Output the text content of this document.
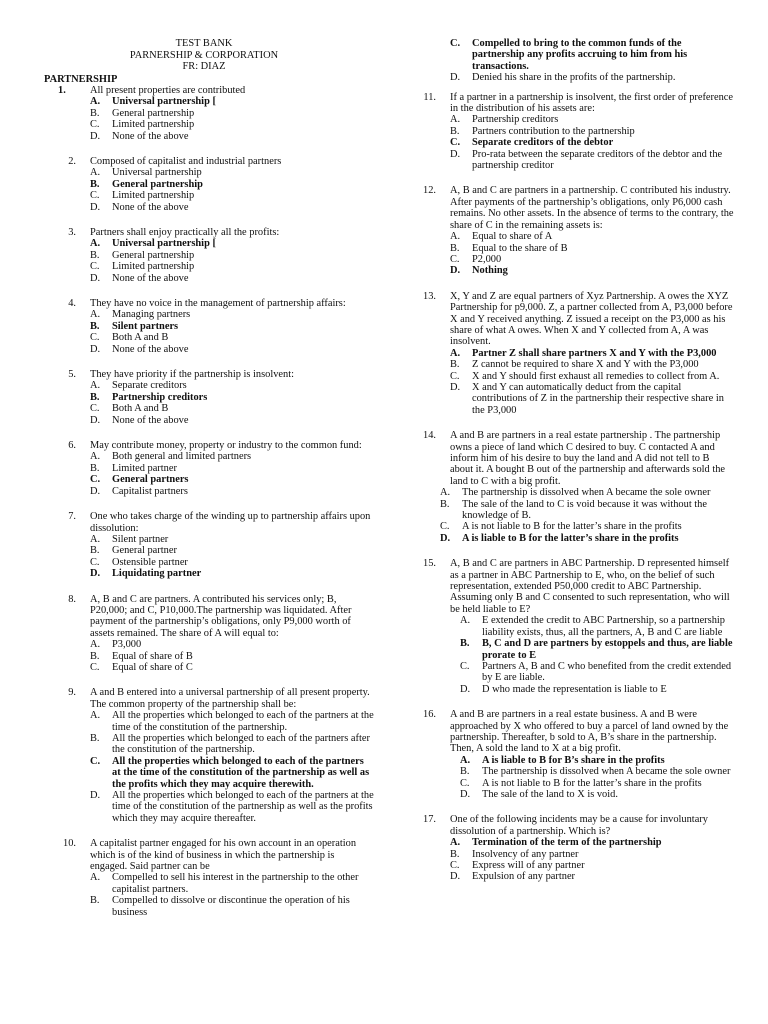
TEST BANK
PARNERSHIP & CORPORATION
FR: DIAZ
PARTNERSHIP
1.	All present properties are contributed
A. Universal partnership [
B. General partnership
C. Limited partnership
D. None of the above
2. Composed of capitalist and industrial partners
A. Universal partnership
B. General partnership
C. Limited partnership
D. None of the above
3. Partners shall enjoy practically all the profits:
A. Universal partnership [
B. General partnership
C. Limited partnership
D. None of the above
4. They have no voice in the management of partnership affairs:
A. Managing partners
B. Silent partners
C. Both A and B
D. None of the above
5. They have priority if the partnership is insolvent:
A. Separate creditors
B. Partnership creditors
C. Both A and B
D. None of the above
6. May contribute money, property or industry to the common fund:
A. Both general and limited partners
B. Limited partner
C. General partners
D. Capitalist partners
7. One who takes charge of the winding up to partnership affairs upon dissolution:
A. Silent partner
B. General partner
C. Ostensible partner
D. Liquidating partner
8. A, B and C are partners. A contributed his services only; B, P20,000; and C, P10,000.The partnership was liquidated. After payment of the partnership’s obligations, only P9,000 worth of assets remained. The share of A will equal to:
A. P3,000
B. Equal of share of B
C. Equal of share of C
9. A and B entered into a universal partnership of all present property. The common property of the partnership shall be:
A. All the properties which belonged to each of the partners at the time of the constitution of the partnership.
B. All the properties which belonged to each of the partners after the constitution of the partnership.
C. All the properties which belonged to each of the partners at the time of the constitution of the partnership as well as the profits which they may acquire therewith.
D. All the properties which belonged to each of the partners at the time of the constitution of the partnership as well as the profits which they may acquire thereafter.
10. A capitalist partner engaged for his own account in an operation which is of the kind of business in which the partnership is engaged. Said partner can be
A. Compelled to sell his interest in the partnership to the other capitalist partners.
B. Compelled to dissolve or discontinue the operation of his business
C. Compelled to bring to the common funds of the partnership any profits accruing to him from his transactions.
D. Denied his share in the profits of the partnership.
11. If a partner in a partnership is insolvent, the first order of preference in the distribution of his assets are:
A. Partnership creditors
B. Partners contribution to the partnership
C. Separate creditors of the debtor
D. Pro-rata between the separate creditors of the debtor and the partnership creditor
12. A, B and C are partners in a partnership. C contributed his industry. After payments of the partnership’s obligations, only P6,000 cash remains. No other assets. In the absence of terms to the contrary, the share of C in the remaining assets is:
A. Equal to share of A
B. Equal to the share of B
C. P2,000
D. Nothing
13. X, Y and Z are equal partners of Xyz Partnership. A owes the XYZ Partnership for p9,000. Z, a partner collected from A, P3,000 before X and Y received anything. Z issued a receipt on the P3,000 as his share of what A owes. When X and Y collected from A, A was insolvent.
A. Partner Z shall share partners X and Y with the P3,000
B. Z cannot be required to share X and Y with the P3,000
C. X and Y should first exhaust all remedies to collect from A.
D. X and Y can automatically deduct from the capital contributions of Z in the partnership their respective share in the P3,000
14. A and B are partners in a real estate partnership . The partnership owns a piece of land which C desired to buy. C contacted A and inform him of his desire to buy the land and A did not tell to B about it. A bought B out of the partnership and afterwards sold the land to C with a big profit.
A. The partnership is dissolved when A became the sole owner
B. The sale of the land to C is void because it was without the knowledge of B.
C. A is not liable to B for the latter’s share in the profits
D. A is liable to B for the latter’s share in the profits
15. A, B and C are partners in ABC Partnership. D represented himself as a partner in ABC Partnership to E, who, on the belief of such representation, extended P50,000 credit to ABC Partnership. Assuming only B and C consented to such representation, who will be held liable to E?
A. E extended the credit to ABC Partnership, so a partnership liability exists, thus, all the partners, A, B and C are liable
B. B, C and D are partners by estoppels and thus, are liable prorate to E
C. Partners A, B and C who benefited from the credit extended by E are liable.
D. D who made the representation is liable to E
16. A and B are partners in a real estate business. A and B were approached by X who offered to buy a parcel of land owned by the partnership. Thereafter, b sold to A, B’s share in the partnership. Then, A sold the land to X at a big profit.
A. A is liable to B for B’s share in the profits
B. The partnership is dissolved when A became the sole owner
C. A is not liable to B for the latter’s share in the profits
D. The sale of the land to X is void.
17. One of the following incidents may be a cause for involuntary dissolution of a partnership. Which is?
A. Termination of the term of the partnership
B. Insolvency of any partner
C. Express will of any partner
D. Expulsion of any partner
